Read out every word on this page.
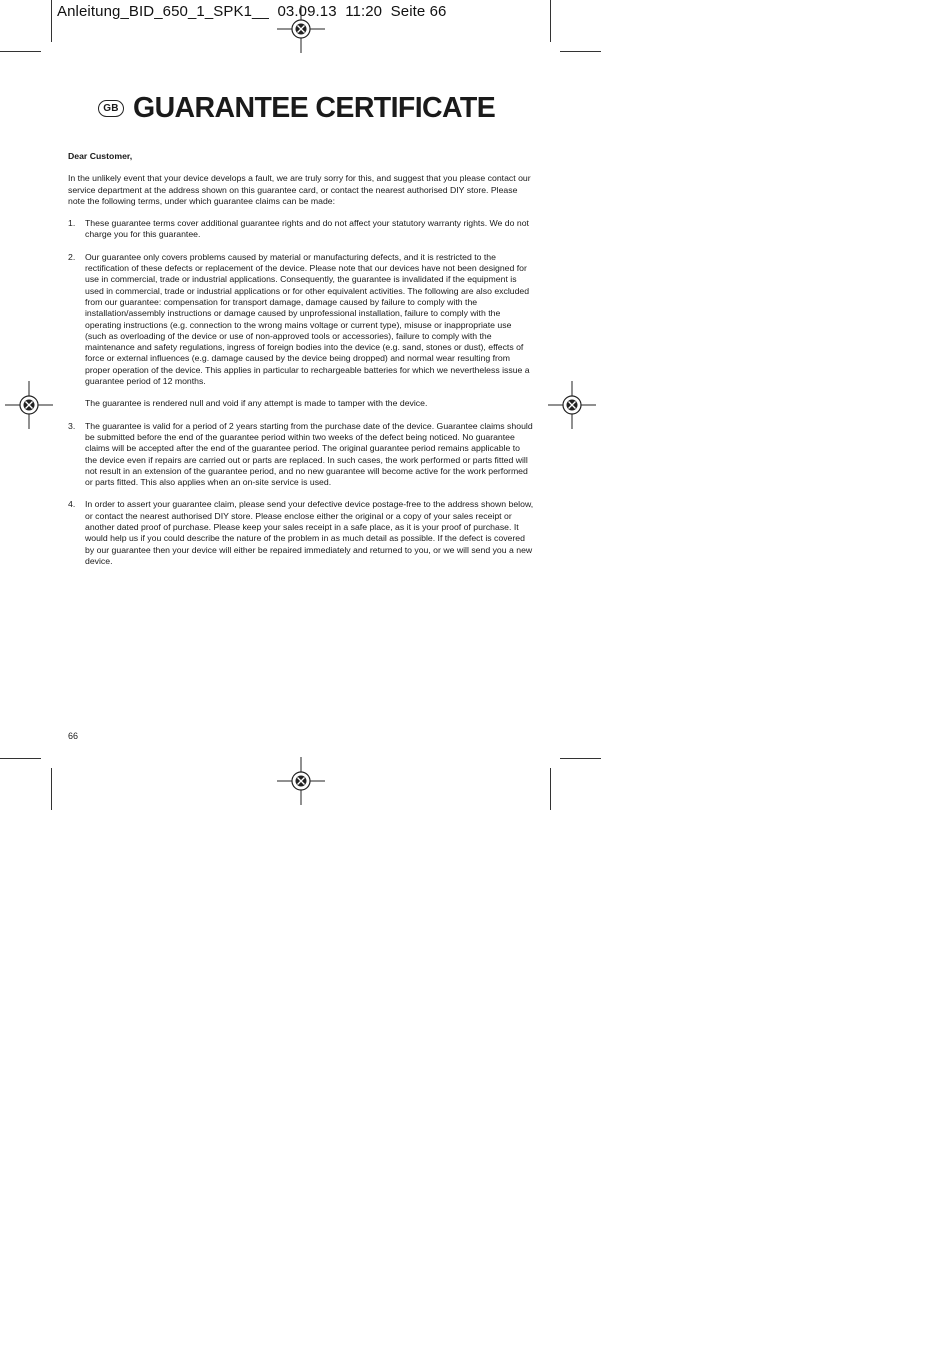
Anleitung_BID_650_1_SPK1__  03.09.13  11:20  Seite 66
GB GUARANTEE CERTIFICATE

Dear Customer,

In the unlikely event that your device develops a fault, we are truly sorry for this, and suggest that you please contact our service department at the address shown on this guarantee card, or contact the nearest authorised DIY store. Please note the following terms, under which guarantee claims can be made:

1.	These guarantee terms cover additional guarantee rights and do not affect your statutory warranty rights. We do not charge you for this guarantee.

2.	Our guarantee only covers problems caused by material or manufacturing defects, and it is restricted to the rectification of these defects or replacement of the device. Please note that our devices have not been designed for use in commercial, trade or industrial applications. Consequently, the guarantee is invalidated if the equipment is used in commercial, trade or industrial applications or for other equivalent activities. The following are also excluded from our guarantee: compensation for transport damage, damage caused by failure to comply with the installation/assembly instructions or damage caused by unprofessional installation, failure to comply with the operating instructions (e.g. connection to the wrong mains voltage or current type), misuse or inappropriate use (such as overloading of the device or use of non-approved tools or accessories), failure to comply with the maintenance and safety regulations, ingress of foreign bodies into the device (e.g. sand, stones or dust), effects of force or external influences (e.g. damage caused by the device being dropped) and normal wear resulting from proper operation of the device. This applies in particular to rechargeable batteries for which we nevertheless issue a guarantee period of 12 months.

The guarantee is rendered null and void if any attempt is made to tamper with the device.

3.	The guarantee is valid for a period of 2 years starting from the purchase date of the device. Guarantee claims should be submitted before the end of the guarantee period within two weeks of the defect being noticed. No guarantee claims will be accepted after the end of the guarantee period. The original guarantee period remains applicable to the device even if repairs are carried out or parts are replaced. In such cases, the work performed or parts fitted will not result in an extension of the guarantee period, and no new guarantee will become active for the work performed or parts fitted. This also applies when an on-site service is used.

4.	In order to assert your guarantee claim, please send your defective device postage-free to the address shown below, or contact the nearest authorised DIY store. Please enclose either the original or a copy of your sales receipt or another dated proof of purchase. Please keep your sales receipt in a safe place, as it is your proof of purchase. It would help us if you could describe the nature of the problem in as much detail as possible. If the defect is covered by our guarantee then your device will either be repaired immediately and returned to you, or we will send you a new device.

66
